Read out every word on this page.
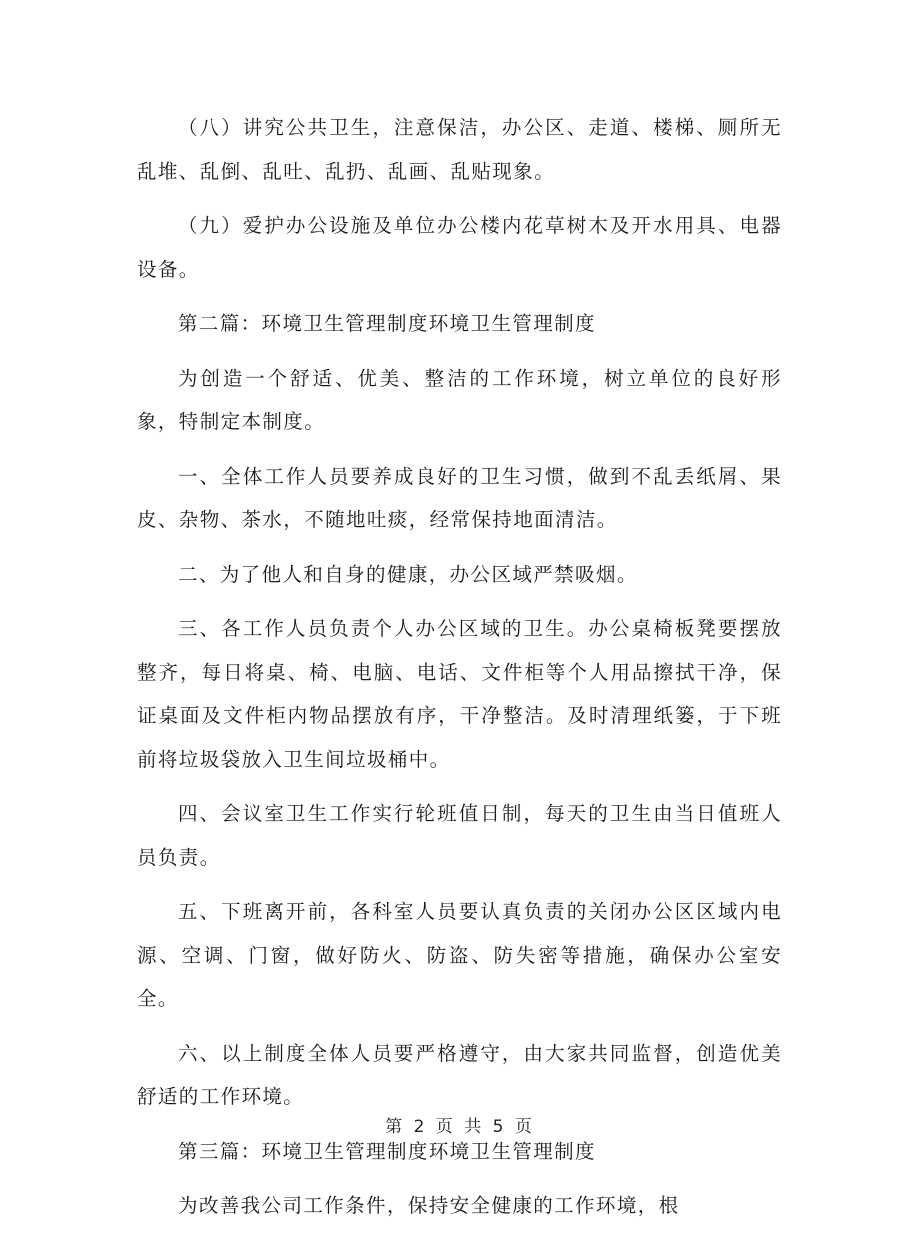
（八）讲究公共卫生，注意保洁，办公区、走道、楼梯、厕所无乱堆、乱倒、乱吐、乱扔、乱画、乱贴现象。

（九）爱护办公设施及单位办公楼内花草树木及开水用具、电器设备。

第二篇：环境卫生管理制度环境卫生管理制度

为创造一个舒适、优美、整洁的工作环境，树立单位的良好形象，特制定本制度。

一、全体工作人员要养成良好的卫生习惯，做到不乱丢纸屑、果皮、杂物、茶水，不随地吐痰，经常保持地面清洁。

二、为了他人和自身的健康，办公区域严禁吸烟。

三、各工作人员负责个人办公区域的卫生。办公桌椅板凳要摆放整齐，每日将桌、椅、电脑、电话、文件柜等个人用品擦拭干净，保证桌面及文件柜内物品摆放有序，干净整洁。及时清理纸篓，于下班前将垃圾袋放入卫生间垃圾桶中。

四、会议室卫生工作实行轮班值日制，每天的卫生由当日值班人员负责。

五、下班离开前，各科室人员要认真负责的关闭办公区区域内电源、空调、门窗，做好防火、防盗、防失密等措施，确保办公室安全。

六、以上制度全体人员要严格遵守，由大家共同监督，创造优美舒适的工作环境。

第三篇：环境卫生管理制度环境卫生管理制度

为改善我公司工作条件，保持安全健康的工作环境，根

第 2 页 共 5 页
